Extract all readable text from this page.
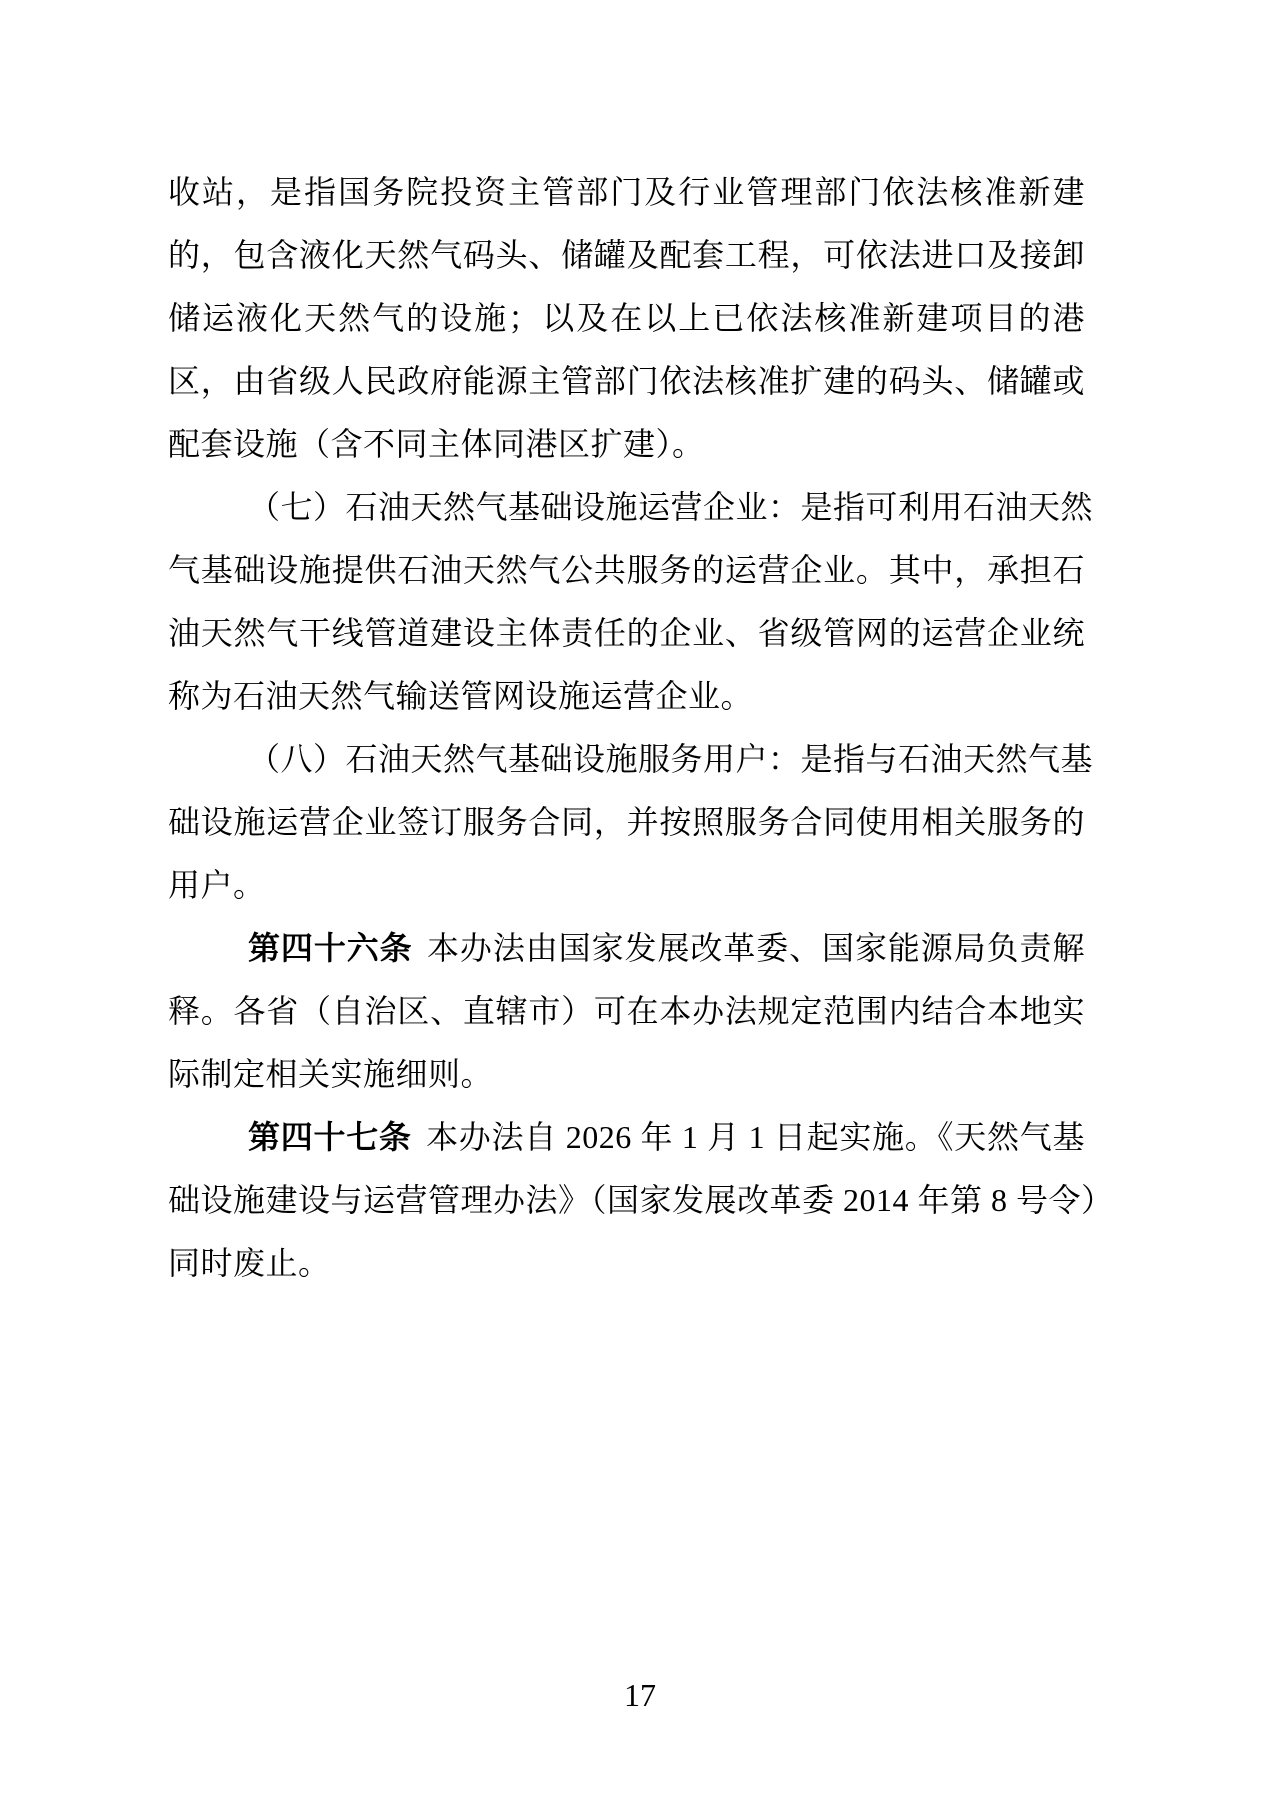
收站，是指国务院投资主管部门及行业管理部门依法核准新建
的，包含液化天然气码头、储罐及配套工程，可依法进口及接卸
储运液化天然气的设施；以及在以上已依法核准新建项目的港
区，由省级人民政府能源主管部门依法核准扩建的码头、储罐或
配套设施（含不同主体同港区扩建）。
（七）石油天然气基础设施运营企业：是指可利用石油天然
气基础设施提供石油天然气公共服务的运营企业。其中，承担石
油天然气干线管道建设主体责任的企业、省级管网的运营企业统
称为石油天然气输送管网设施运营企业。
（八）石油天然气基础设施服务用户：是指与石油天然气基
础设施运营企业签订服务合同，并按照服务合同使用相关服务的
用户。
第四十六条 本办法由国家发展改革委、国家能源局负责解
释。各省（自治区、直辖市）可在本办法规定范围内结合本地实
际制定相关实施细则。
第四十七条 本办法自 2026 年 1 月 1 日起实施。《天然气基
础设施建设与运营管理办法》（国家发展改革委 2014 年第 8 号令）
同时废止。
17
